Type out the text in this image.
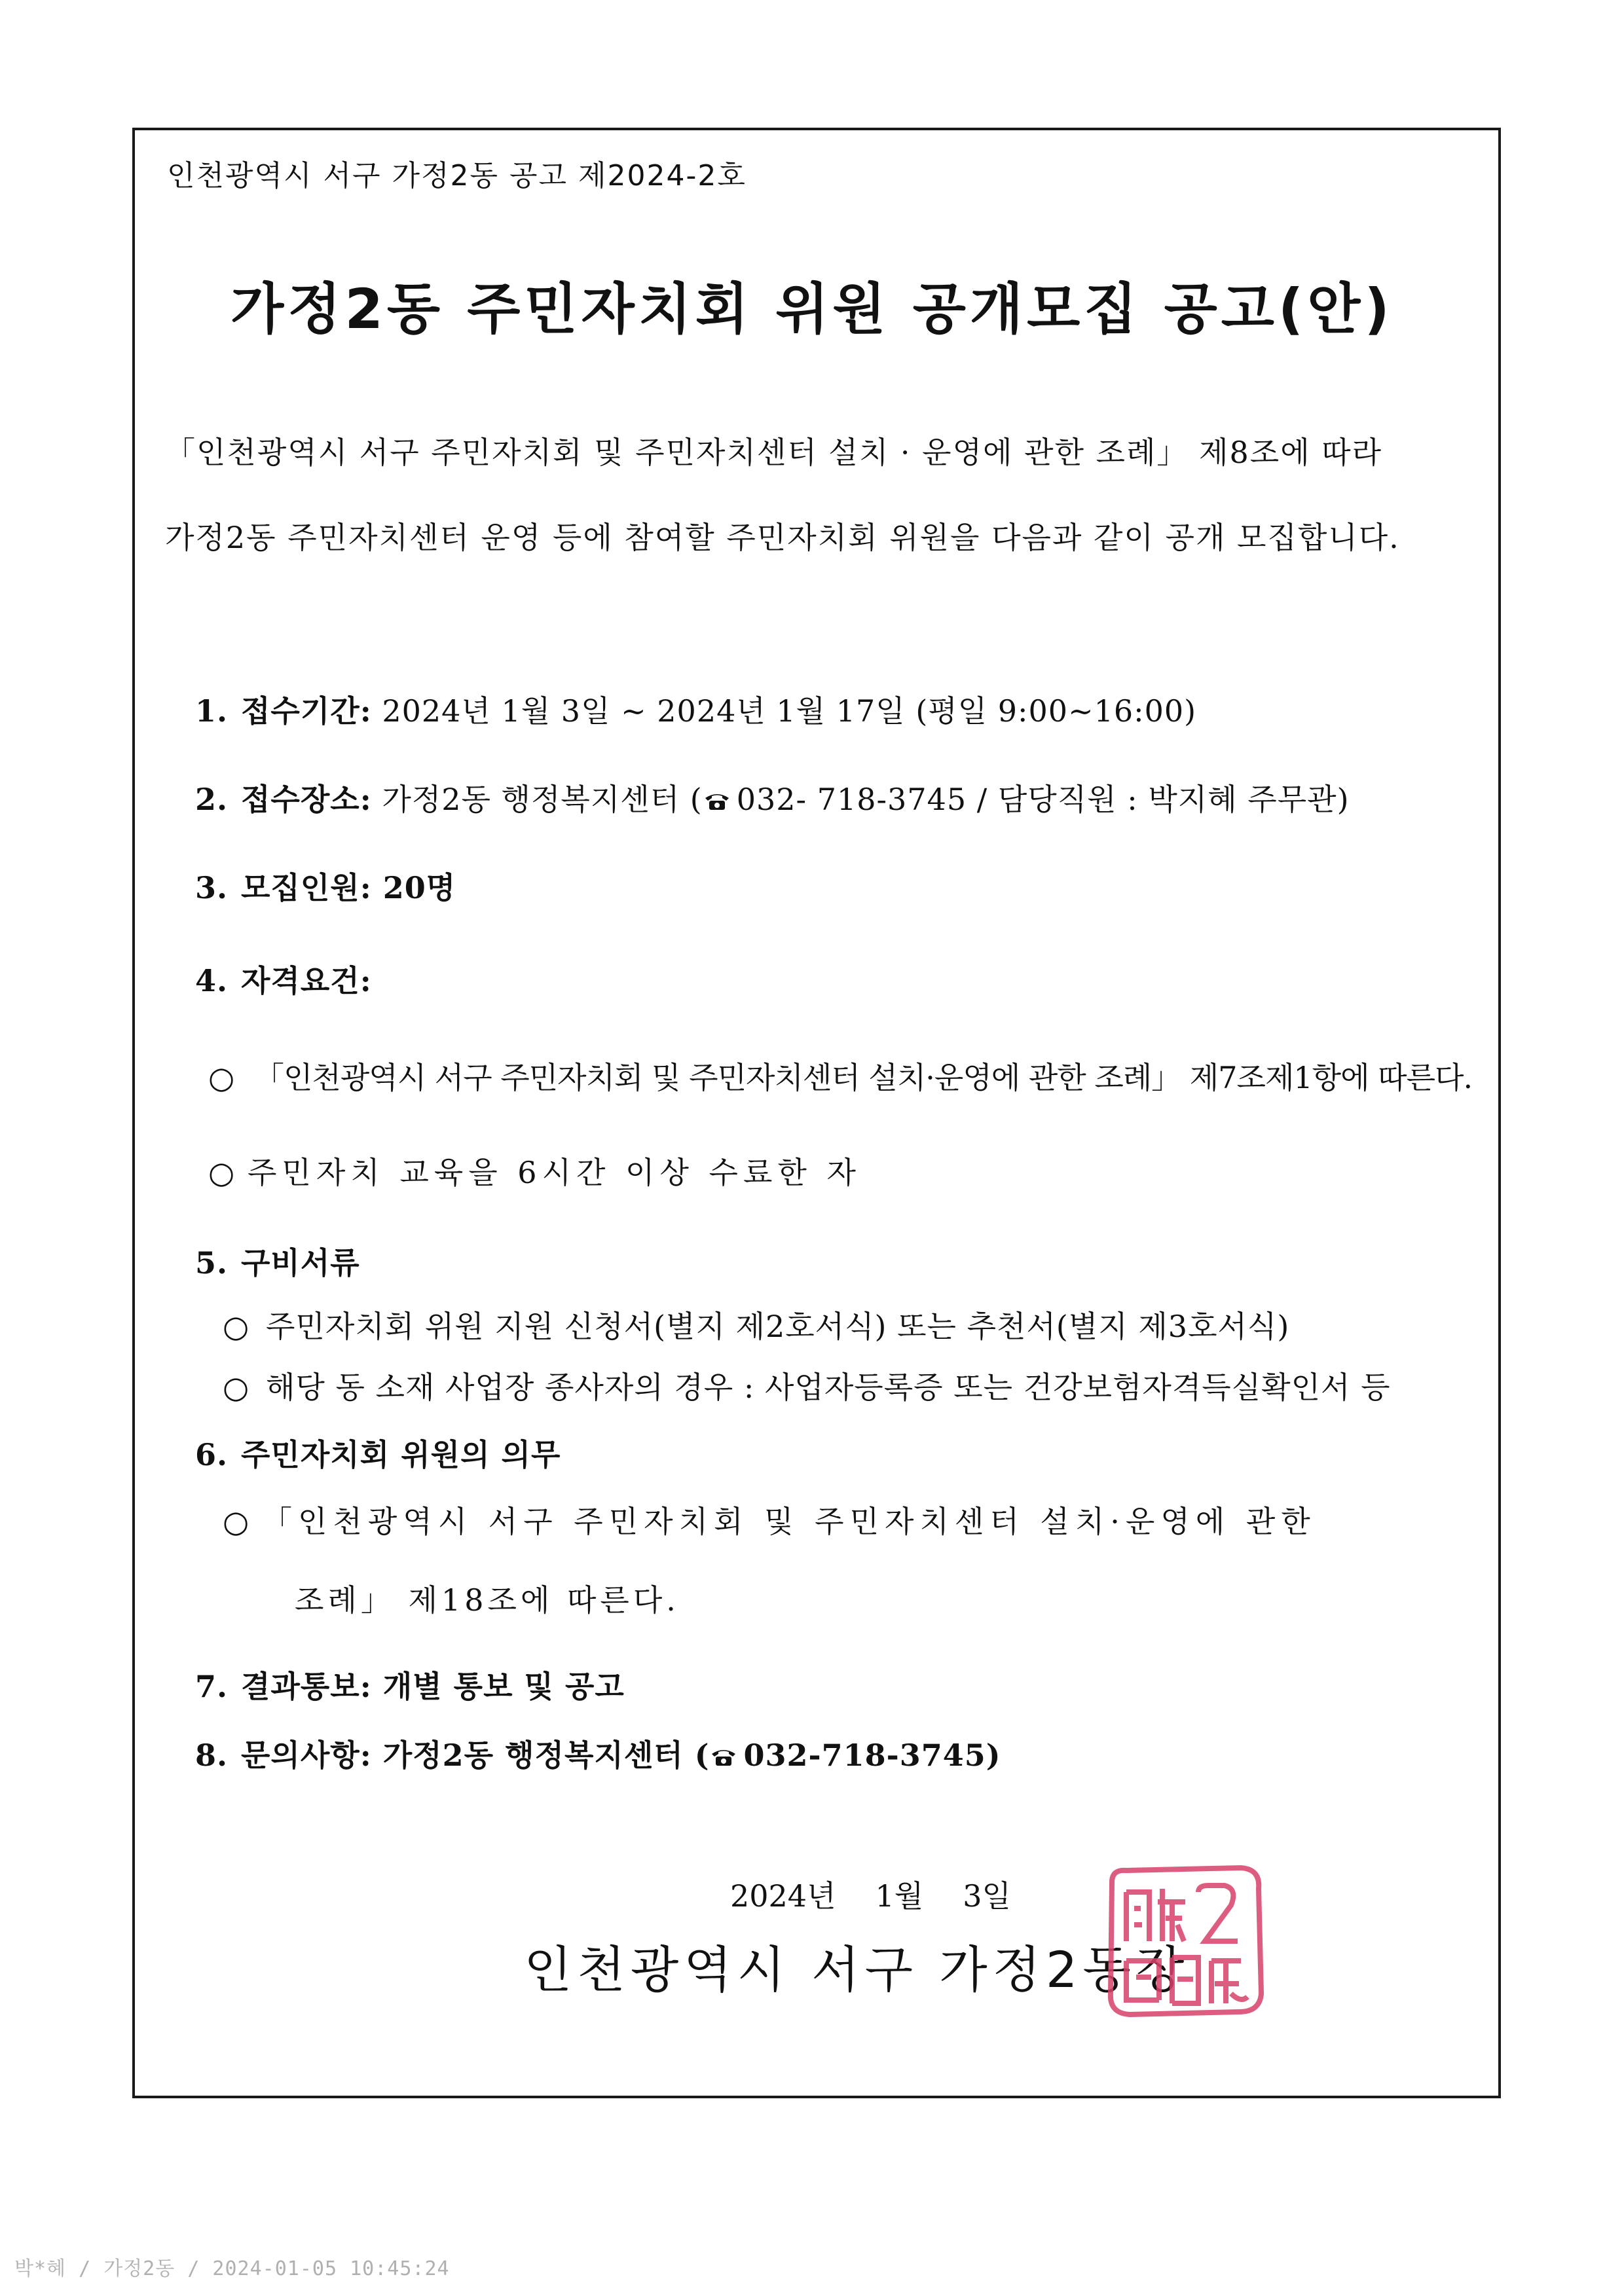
인천광역시 서구 가정2동 공고 제2024-2호
가정2동 주민자치회 위원 공개모집 공고(안)
「인천광역시 서구 주민자치회 및 주민자치센터 설치 · 운영에 관한 조례」 제8조에 따라
가정2동 주민자치센터 운영 등에 참여할 주민자치회 위원을 다음과 같이 공개 모집합니다.
1. 접수기간: 2024년 1월 3일 ~ 2024년 1월 17일 (평일 9:00~16:00)
2. 접수장소: 가정2동 행정복지센터 ( 032- 718-3745 / 담당직원 : 박지혜 주무관)
3. 모집인원: 20명
4. 자격요건:
○ 「인천광역시 서구 주민자치회 및 주민자치센터 설치·운영에 관한 조례」 제7조제1항에 따른다.
○ 주민자치 교육을 6시간 이상 수료한 자
5. 구비서류
○ 주민자치회 위원 지원 신청서(별지 제2호서식) 또는 추천서(별지 제3호서식)
○ 해당 동 소재 사업장 종사자의 경우 : 사업자등록증 또는 건강보험자격득실확인서 등
6. 주민자치회 위원의 의무
○ 「인천광역시 서구 주민자치회 및 주민자치센터 설치·운영에 관한
조례」 제18조에 따른다.
7. 결과통보: 개별 통보 및 공고
8. 문의사항: 가정2동 행정복지센터 ( 032-718-3745)
2024년 1월 3일
인천광역시 서구 가정2동장
가정2동장인
박*혜 / 가정2동 / 2024-01-05 10:45:24
